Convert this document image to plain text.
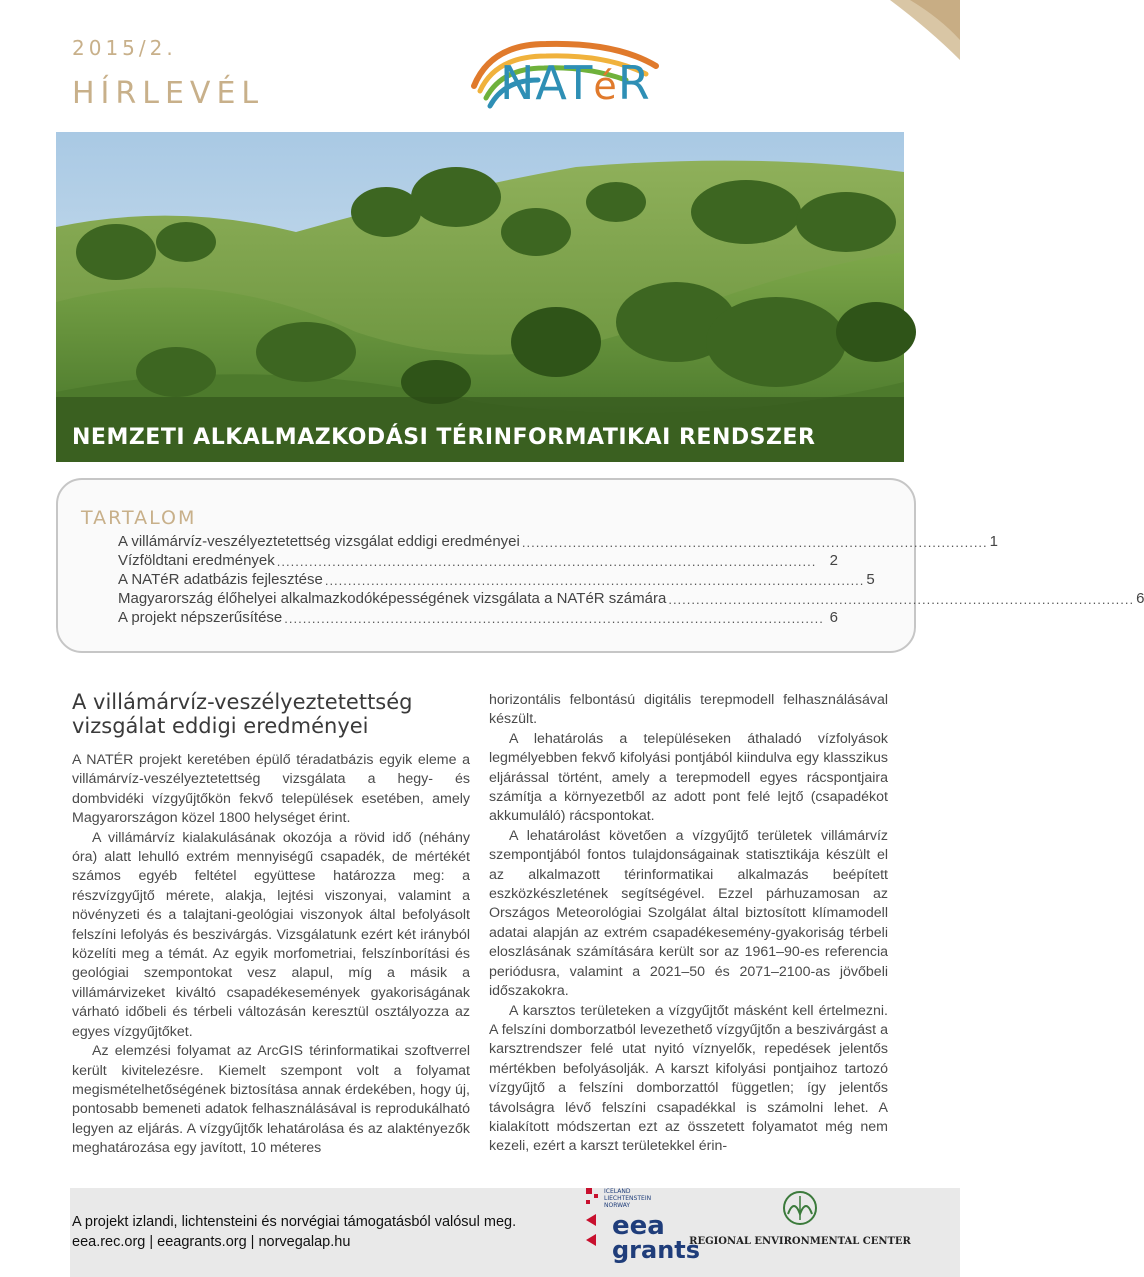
2015/2.
HÍRLEVÉL	NATéR
NEMZETI ALKALMAZKODÁSI TÉRINFORMATIKAI RENDSZER
TARTALOM
A villámárvíz-veszélyeztetettség vizsgálat eddigi eredményei ..................................................................................................... 1
Vízföldtani eredmények ..................................................................................................................... 2
A NATéR adatbázis fejlesztése ..................................................................................................................... 5
Magyarország élőhelyei alkalmazkodóképességének vizsgálata a NATéR számára ..................................................................................................... 6
A projekt népszerűsítése ..................................................................................................................... 6
A villámárvíz-veszélyeztetettség vizsgálat eddigi eredményei

A NATÉR projekt keretében épülő téradatbázis egyik eleme a villámárvíz-veszélyeztetettség vizsgálata a hegy- és dombvidéki vízgyűjtőkön fekvő települések esetében, amely Magyarországon közel 1800 helységet érint.

A villámárvíz kialakulásának okozója a rövid idő (néhány óra) alatt lehulló extrém mennyiségű csapadék, de mértékét számos egyéb feltétel együttese határozza meg: a részvízgyűjtő mérete, alakja, lejtési viszonyai, valamint a növényzeti és a talajtani-geológiai viszonyok által befolyásolt felszíni lefolyás és beszivárgás. Vizsgálatunk ezért két irányból közelíti meg a témát. Az egyik morfometriai, felszínborítási és geológiai szempontokat vesz alapul, míg a másik a villámárvizeket kiváltó csapadékesemények gyakoriságának várható időbeli és térbeli változásán keresztül osztályozza az egyes vízgyűjtőket.

Az elemzési folyamat az ArcGIS térinformatikai szoftverrel került kivitelezésre. Kiemelt szempont volt a folyamat megismételhetőségének biztosítása annak érdekében, hogy új, pontosabb bemeneti adatok felhasználásával is reprodukálható legyen az eljárás. A vízgyűjtők lehatárolása és az alaktényezők meghatározása egy javított, 10 méteres

horizontális felbontású digitális terepmodell felhasználásával készült.

A lehatárolás a településeken áthaladó vízfolyások legmélyebben fekvő kifolyási pontjából kiindulva egy klasszikus eljárással történt, amely a terepmodell egyes rácspontjaira számítja a környezetből az adott pont felé lejtő (csapadékot akkumuláló) rácspontokat.

A lehatárolást követően a vízgyűjtő területek villámárvíz szempontjából fontos tulajdonságainak statisztikája készült el az alkalmazott térinformatikai alkalmazás beépített eszközkészletének segítségével. Ezzel párhuzamosan az Országos Meteorológiai Szolgálat által biztosított klímamodell adatai alapján az extrém csapadékesemény-gyakoriság térbeli eloszlásának számítására került sor az 1961–90-es referencia periódusra, valamint a 2021–50 és 2071–2100-as jövőbeli időszakokra.

A karsztos területeken a vízgyűjtőt másként kell értelmezni. A felszíni domborzatból levezethető vízgyűjtőn a beszivárgást a karsztrendszer felé utat nyitó víznyelők, repedések jelentős mértékben befolyásolják. A karszt kifolyási pontjaihoz tartozó vízgyűjtő a felszíni domborzattól független; így jelentős távolságra lévő felszíni csapadékkal is számolni lehet. A kialakított módszertan ezt az összetett folyamatot még nem kezeli, ezért a karszt területekkel érin-

A projekt izlandi, lichtensteini és norvégiai támogatásból valósul meg.
eea.rec.org | eeagrants.org | norvegalap.hu
ICELAND
LIECHTENSTEIN
NORWAY
eea
grants
REGIONAL ENVIRONMENTAL CENTER
